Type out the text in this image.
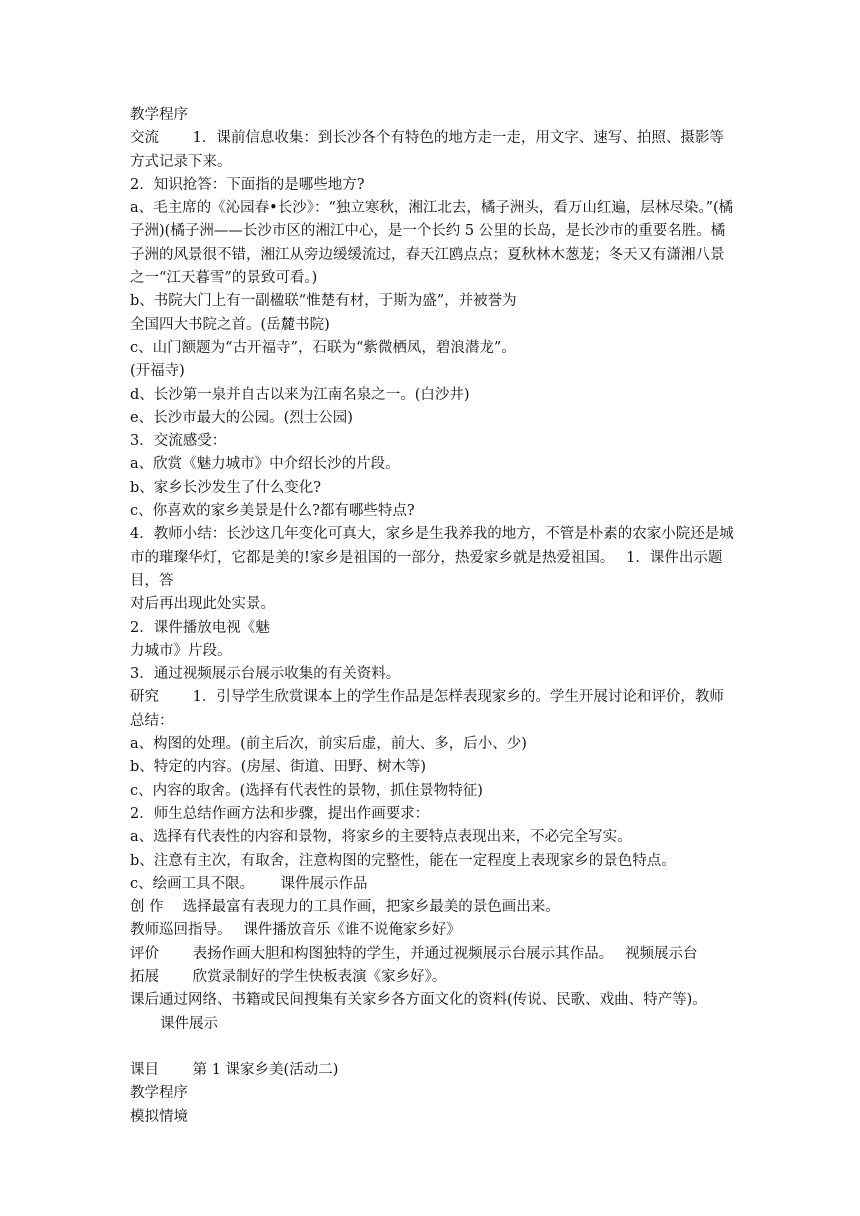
教学程序
交流　　 1．课前信息收集：到长沙各个有特色的地方走一走，用文字、速写、拍照、摄影等方式记录下来。
2．知识抢答：下面指的是哪些地方?
a、毛主席的《沁园春•长沙》：“独立寒秋，湘江北去，橘子洲头，看万山红遍，层林尽染。”(橘子洲)(橘子洲——长沙市区的湘江中心，是一个长约 5 公里的长岛，是长沙市的重要名胜。橘子洲的风景很不错，湘江从旁边缓缓流过，春天江鸥点点；夏秋林木葱茏；冬天又有潇湘八景之一“江天暮雪”的景致可看。)
b、书院大门上有一副楹联“惟楚有材，于斯为盛”，并被誉为
全国四大书院之首。(岳麓书院)
c、山门额题为“古开福寺”，石联为“紫微栖凤，碧浪潜龙”。
(开福寺)
d、长沙第一泉并自古以来为江南名泉之一。(白沙井)
e、长沙市最大的公园。(烈士公园)
3．交流感受：
a、欣赏《魅力城市》中介绍长沙的片段。
b、家乡长沙发生了什么变化?
c、你喜欢的家乡美景是什么?都有哪些特点?
4．教师小结：长沙这几年变化可真大，家乡是生我养我的地方，不管是朴素的农家小院还是城市的璀璨华灯，它都是美的!家乡是祖国的一部分，热爱家乡就是热爱祖国。　 1．课件出示题目，答
对后再出现此处实景。
2．课件播放电视《魅
力城市》片段。
3．通过视频展示台展示收集的有关资料。
研究　　 1．引导学生欣赏课本上的学生作品是怎样表现家乡的。学生开展讨论和评价，教师总结：
a、构图的处理。(前主后次，前实后虚，前大、多，后小、少)
b、特定的内容。(房屋、街道、田野、树木等)
c、内容的取舍。(选择有代表性的景物，抓住景物特征)
2．师生总结作画方法和步骤，提出作画要求：
a、选择有代表性的内容和景物，将家乡的主要特点表现出来，不必完全写实。
b、注意有主次，有取舍，注意构图的完整性，能在一定程度上表现家乡的景色特点。
c、绘画工具不限。　　 课件展示作品
创 作　 选择最富有表现力的工具作画，把家乡最美的景色画出来。
教师巡回指导。　 课件播放音乐《谁不说俺家乡好》
评价　　 表扬作画大胆和构图独特的学生，并通过视频展示台展示其作品。　 视频展示台
拓展　　 欣赏录制好的学生快板表演《家乡好》。
课后通过网络、书籍或民间搜集有关家乡各方面文化的资料(传说、民歌、戏曲、特产等)。
课件展示
课目　　 第 1 课家乡美(活动二)
教学程序
模拟情境
